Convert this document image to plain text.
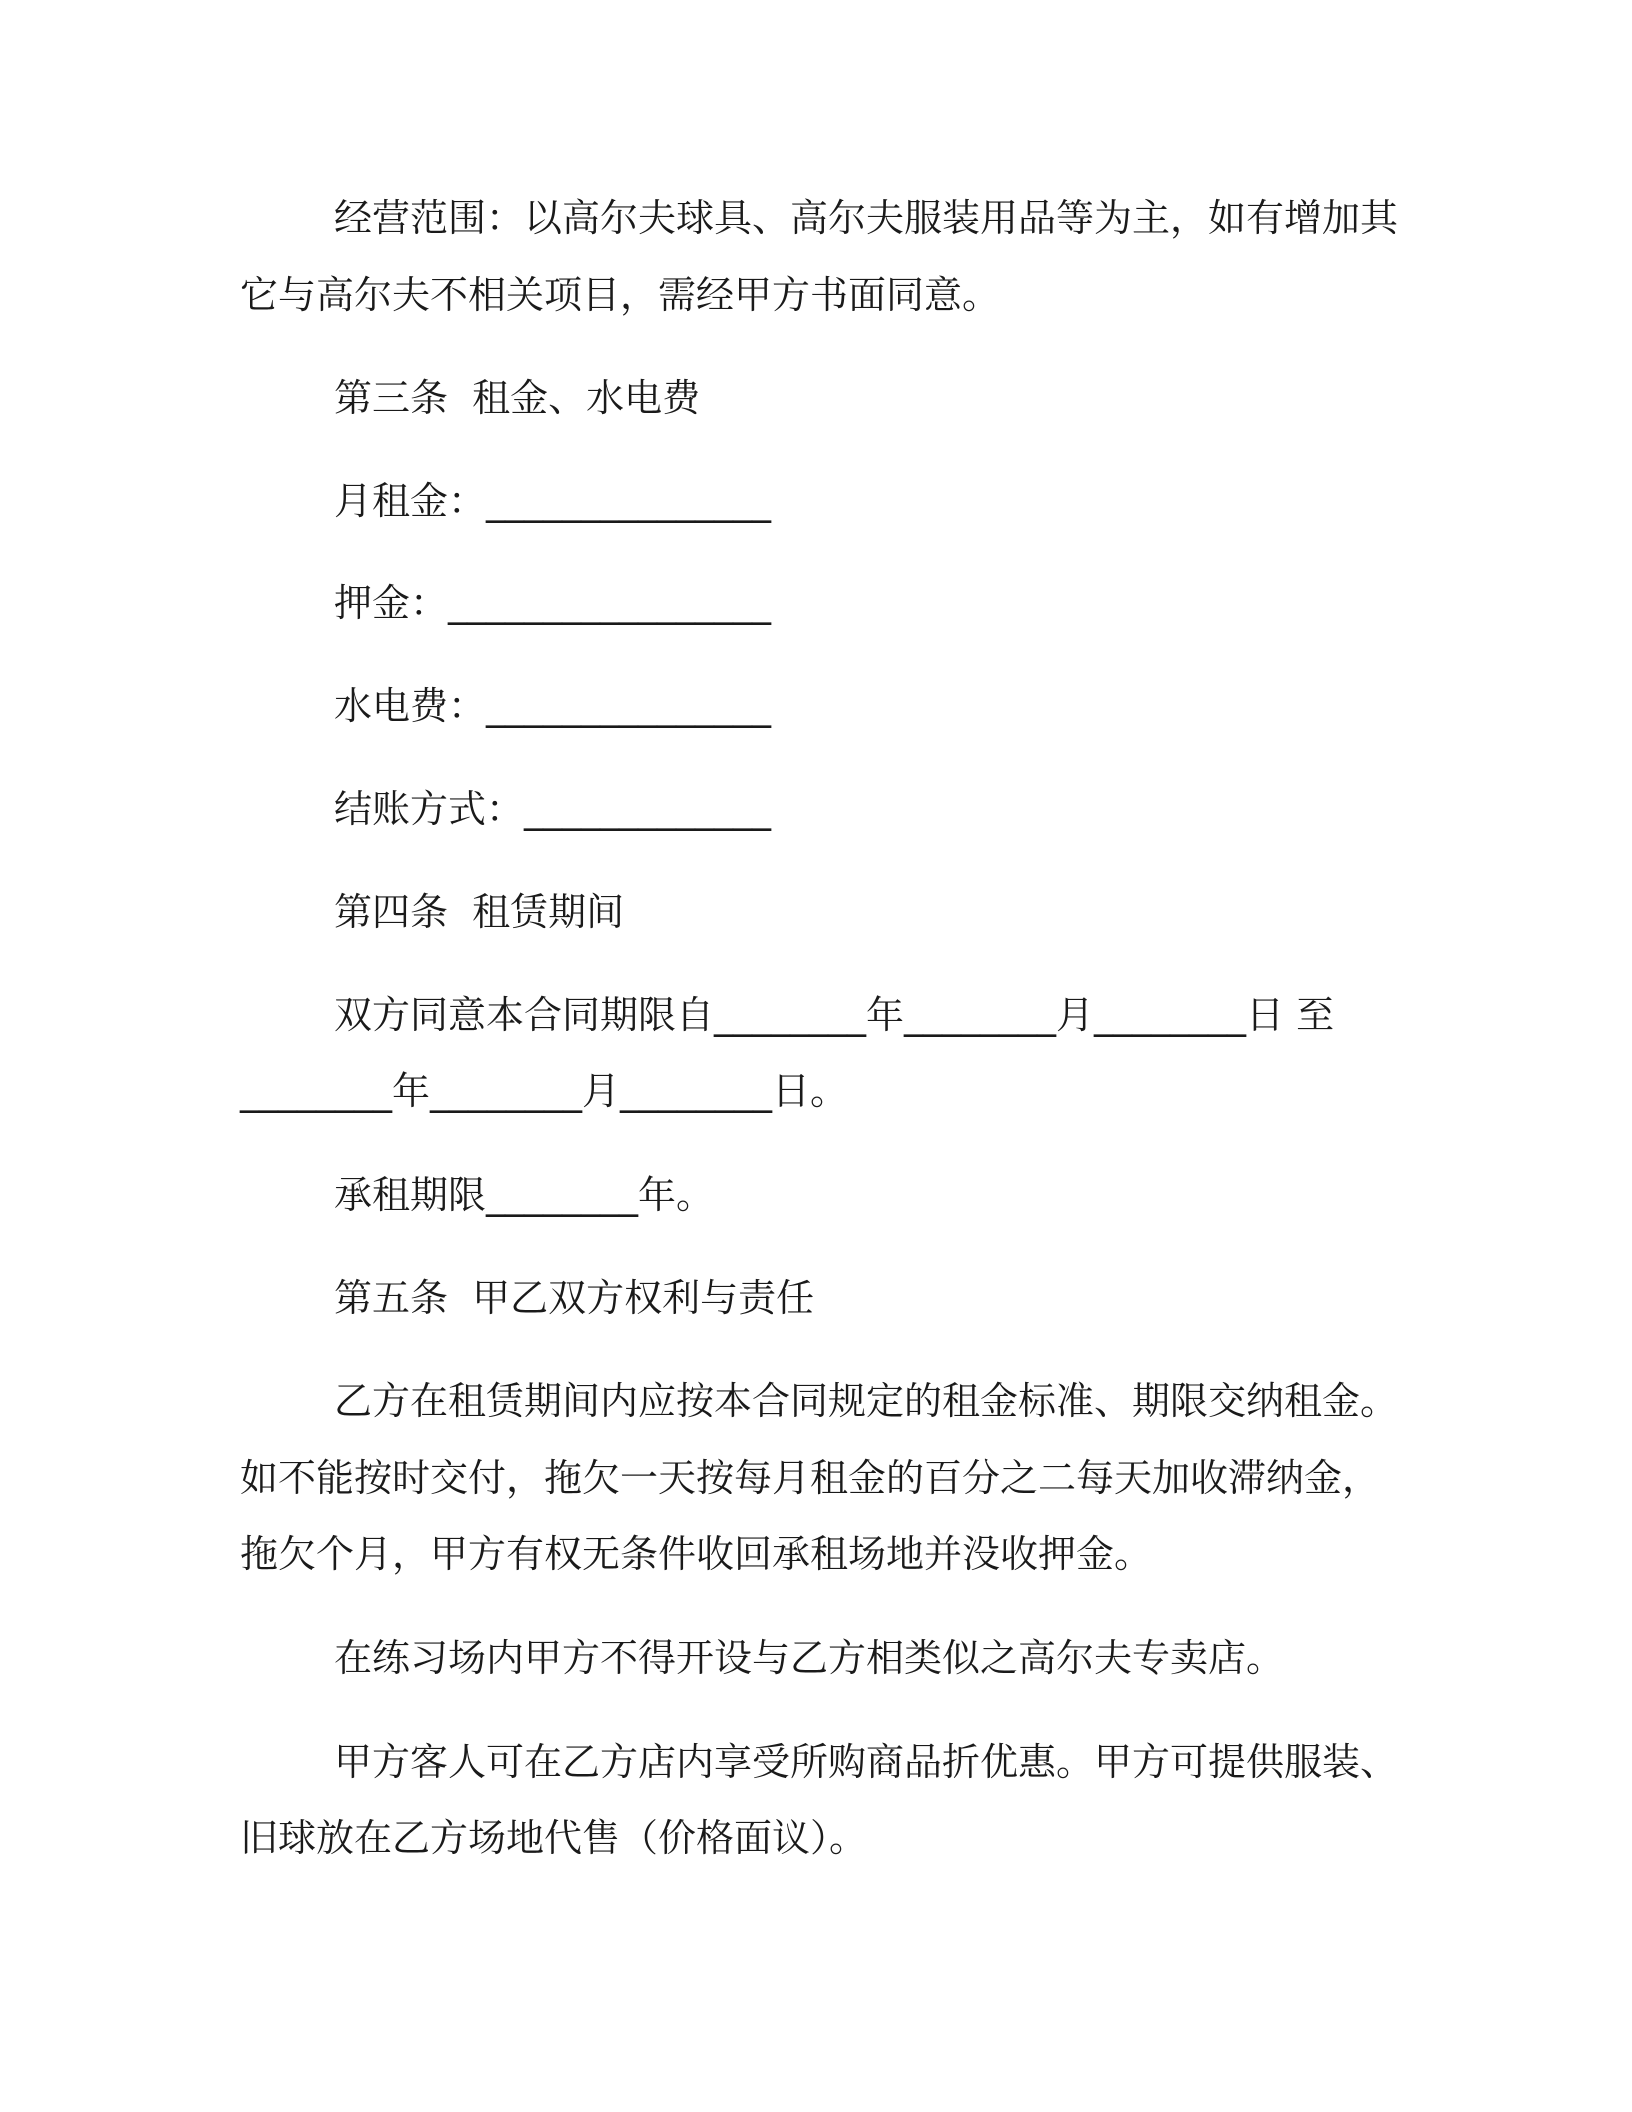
经营范围：以高尔夫球具、高尔夫服装用品等为主，如有增加其
它与高尔夫不相关项目，需经甲方书面同意。
第三条  租金、水电费
月租金：_______________
押金：_________________
水电费：_______________
结账方式：_____________
第四条  租赁期间
双方同意本合同期限自________年________月________日 至
________年________月________日。
承租期限________年。
第五条  甲乙双方权利与责任
乙方在租赁期间内应按本合同规定的租金标准、期限交纳租金。
如不能按时交付，拖欠一天按每月租金的百分之二每天加收滞纳金，
拖欠个月，甲方有权无条件收回承租场地并没收押金。
在练习场内甲方不得开设与乙方相类似之高尔夫专卖店。
甲方客人可在乙方店内享受所购商品折优惠。甲方可提供服装、
旧球放在乙方场地代售（价格面议）。
